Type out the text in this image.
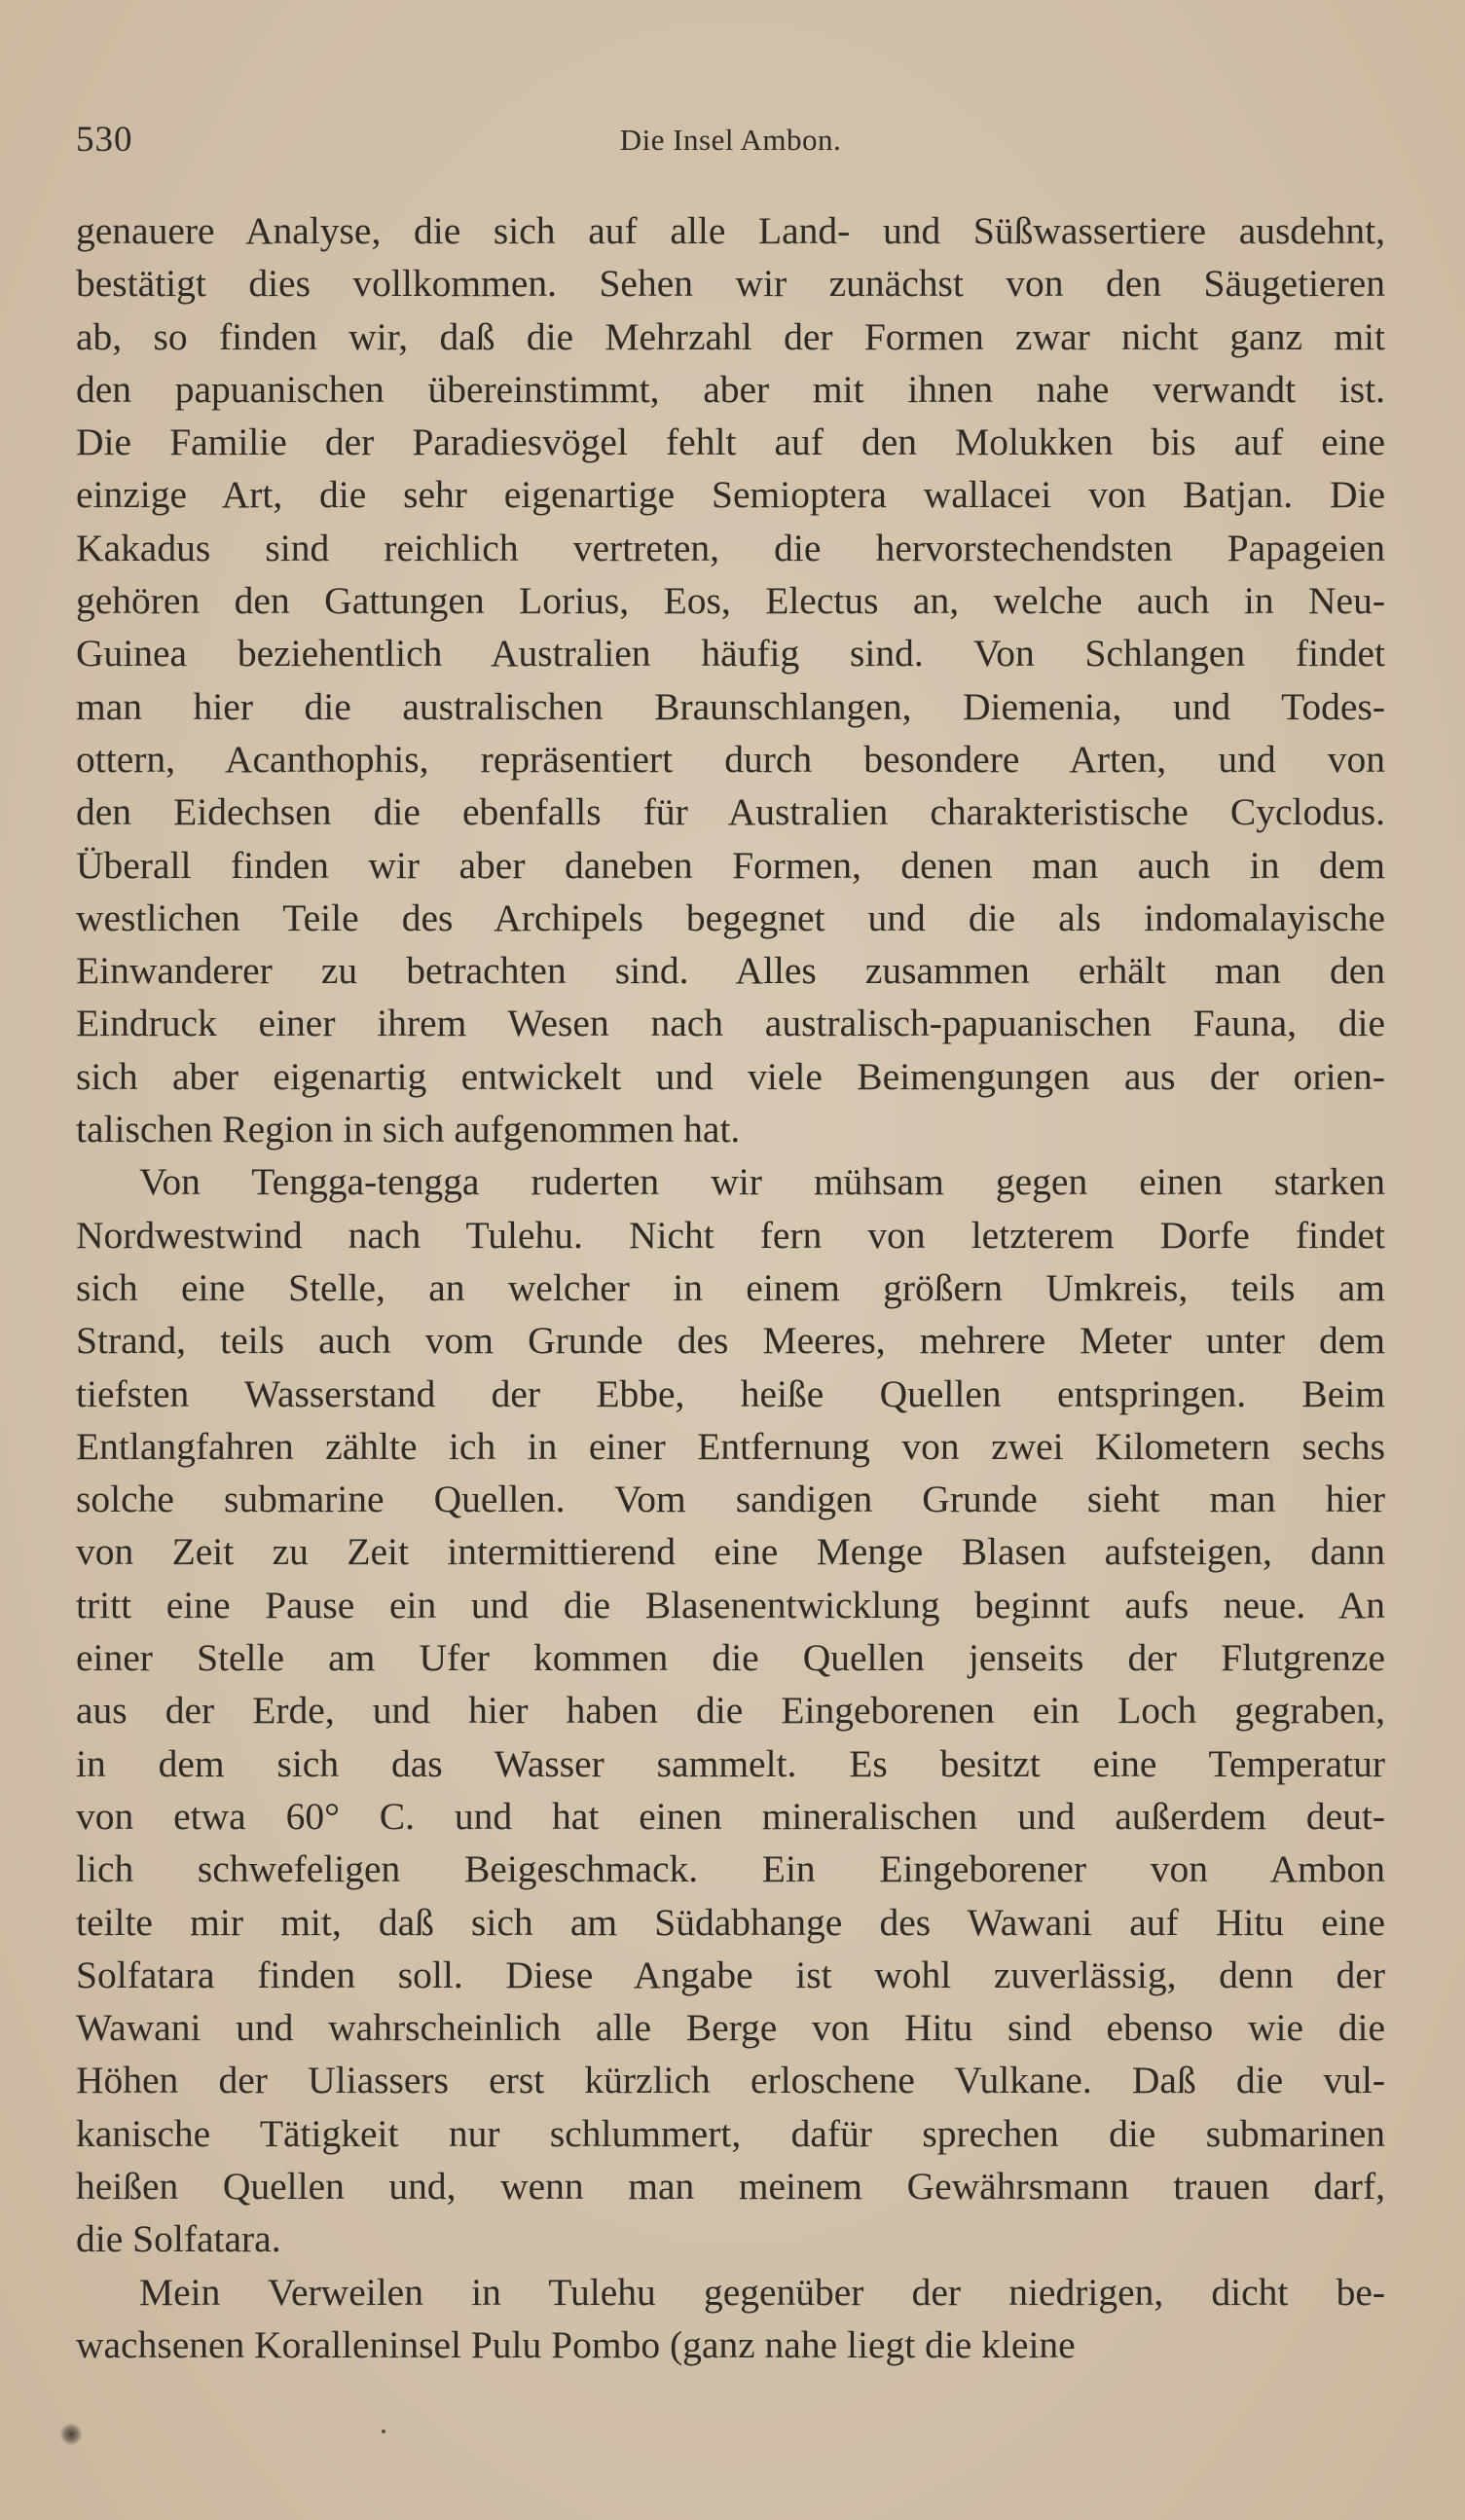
530	Die Insel Ambon.
genauere Analyse, die sich auf alle Land- und Süßwassertiere ausdehnt,
bestätigt dies vollkommen. Sehen wir zunächst von den Säugetieren
ab, so finden wir, daß die Mehrzahl der Formen zwar nicht ganz mit
den papuanischen übereinstimmt, aber mit ihnen nahe verwandt ist.
Die Familie der Paradiesvögel fehlt auf den Molukken bis auf eine
einzige Art, die sehr eigenartige Semioptera wallacei von Batjan. Die
Kakadus sind reichlich vertreten, die hervorstechendsten Papageien
gehören den Gattungen Lorius, Eos, Electus an, welche auch in Neu-
Guinea beziehentlich Australien häufig sind. Von Schlangen findet
man hier die australischen Braunschlangen, Diemenia, und Todes-
ottern, Acanthophis, repräsentiert durch besondere Arten, und von
den Eidechsen die ebenfalls für Australien charakteristische Cyclodus.
Überall finden wir aber daneben Formen, denen man auch in dem
westlichen Teile des Archipels begegnet und die als indomalayische
Einwanderer zu betrachten sind. Alles zusammen erhält man den
Eindruck einer ihrem Wesen nach australisch-papuanischen Fauna, die
sich aber eigenartig entwickelt und viele Beimengungen aus der orien-
talischen Region in sich aufgenommen hat.
Von Tengga-tengga ruderten wir mühsam gegen einen starken
Nordwestwind nach Tulehu. Nicht fern von letzterem Dorfe findet
sich eine Stelle, an welcher in einem größern Umkreis, teils am
Strand, teils auch vom Grunde des Meeres, mehrere Meter unter dem
tiefsten Wasserstand der Ebbe, heiße Quellen entspringen. Beim
Entlangfahren zählte ich in einer Entfernung von zwei Kilometern sechs
solche submarine Quellen. Vom sandigen Grunde sieht man hier
von Zeit zu Zeit intermittierend eine Menge Blasen aufsteigen, dann
tritt eine Pause ein und die Blasenentwicklung beginnt aufs neue. An
einer Stelle am Ufer kommen die Quellen jenseits der Flutgrenze
aus der Erde, und hier haben die Eingeborenen ein Loch gegraben,
in dem sich das Wasser sammelt. Es besitzt eine Temperatur
von etwa 60° C. und hat einen mineralischen und außerdem deut-
lich schwefeligen Beigeschmack. Ein Eingeborener von Ambon
teilte mir mit, daß sich am Südabhange des Wawani auf Hitu eine
Solfatara finden soll. Diese Angabe ist wohl zuverlässig, denn der
Wawani und wahrscheinlich alle Berge von Hitu sind ebenso wie die
Höhen der Uliassers erst kürzlich erloschene Vulkane. Daß die vul-
kanische Tätigkeit nur schlummert, dafür sprechen die submarinen
heißen Quellen und, wenn man meinem Gewährsmann trauen darf,
die Solfatara.
Mein Verweilen in Tulehu gegenüber der niedrigen, dicht be-
wachsenen Koralleninsel Pulu Pombo (ganz nahe liegt die kleine
